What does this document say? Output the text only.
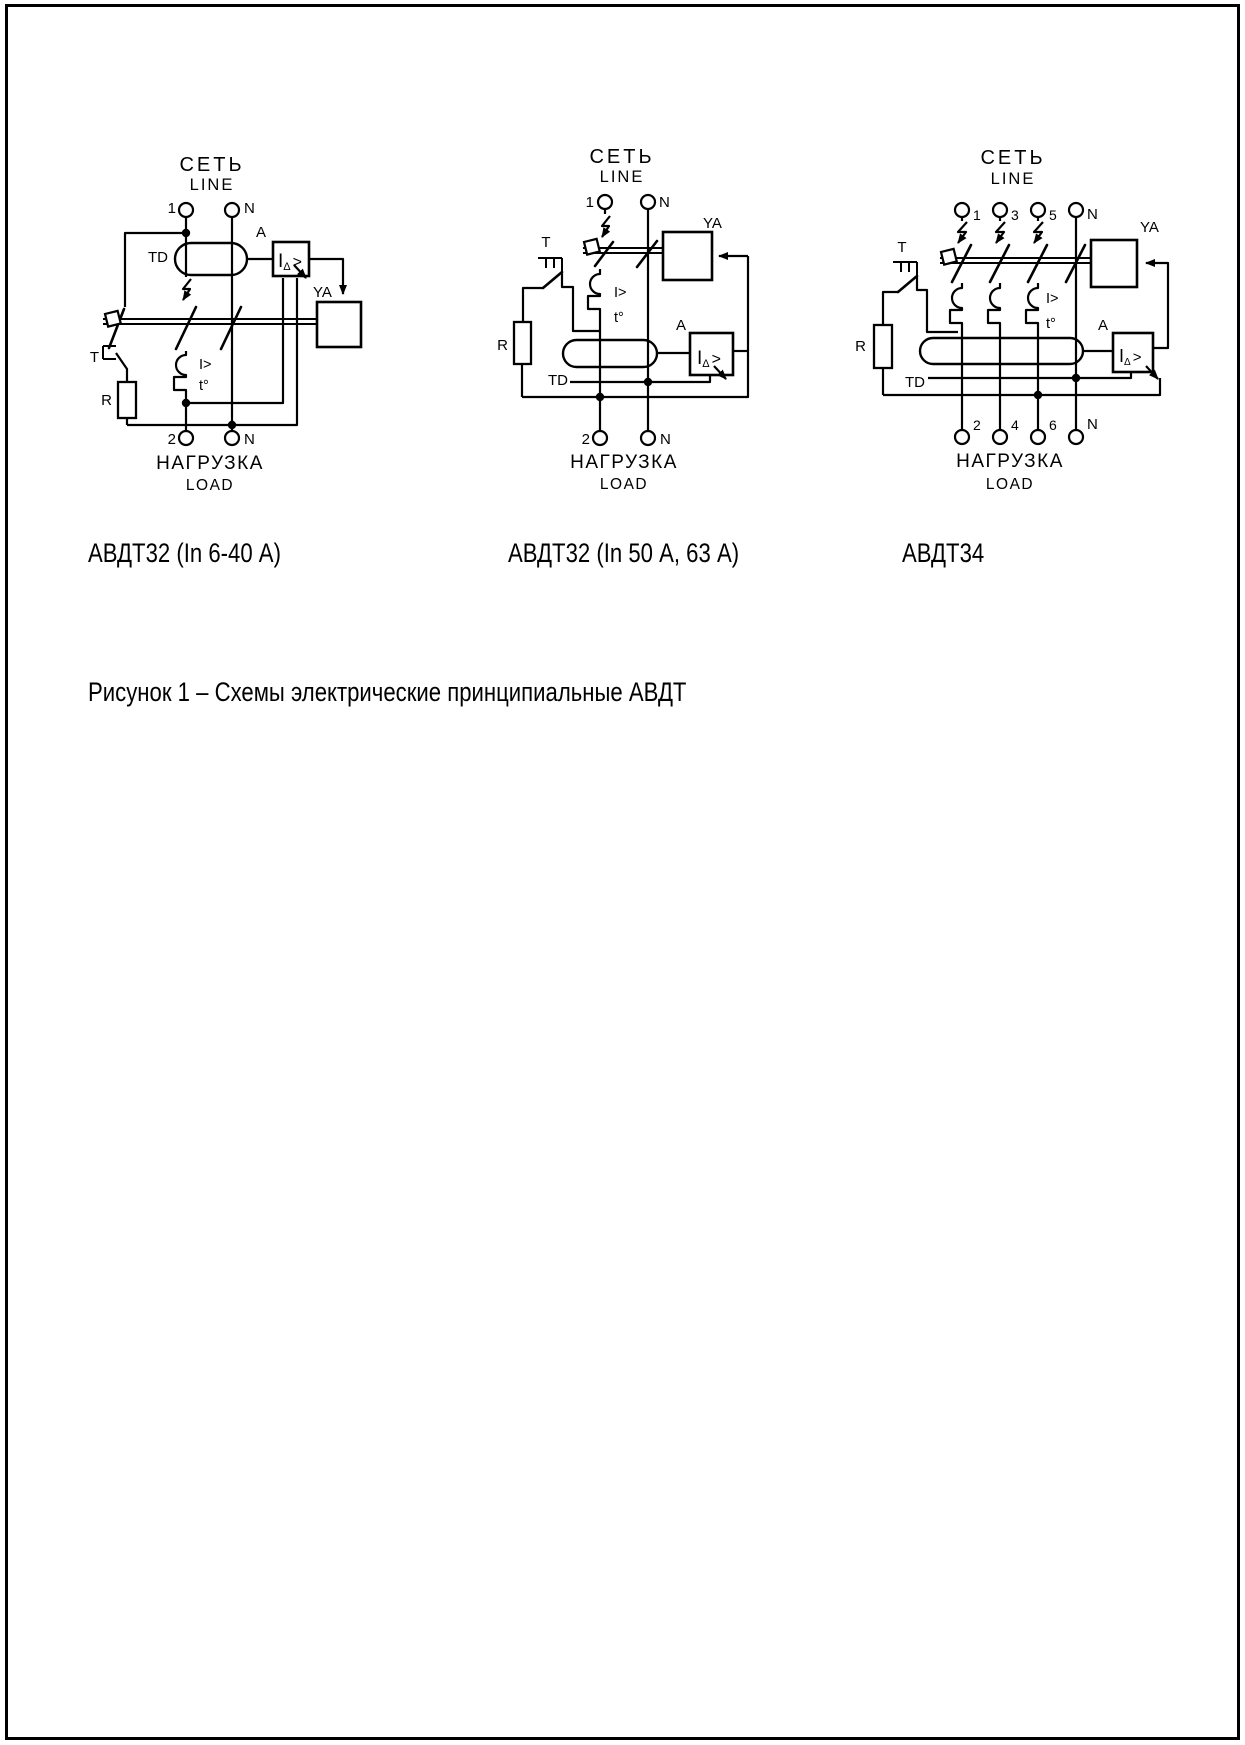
СЕТЬ
LINE
1	N
TD
A
YA
T
R
I>
t°
IΔ >
2	N
НАГРУЗКА
LOAD
СЕТЬ
LINE
1	N
T
R
I>
t°
TD
A
YA
IΔ >
2	N
НАГРУЗКА
LOAD
СЕТЬ
LINE
1 3 5 N
T
R
I>
t°
TD
A
YA
IΔ >
2 4 6 N
НАГРУЗКА
LOAD
АВДТ32 (In 6-40 А)	АВДТ32 (In 50 А, 63 А)	АВДТ34
Рисунок 1 – Схемы электрические принципиальные АВДТ
